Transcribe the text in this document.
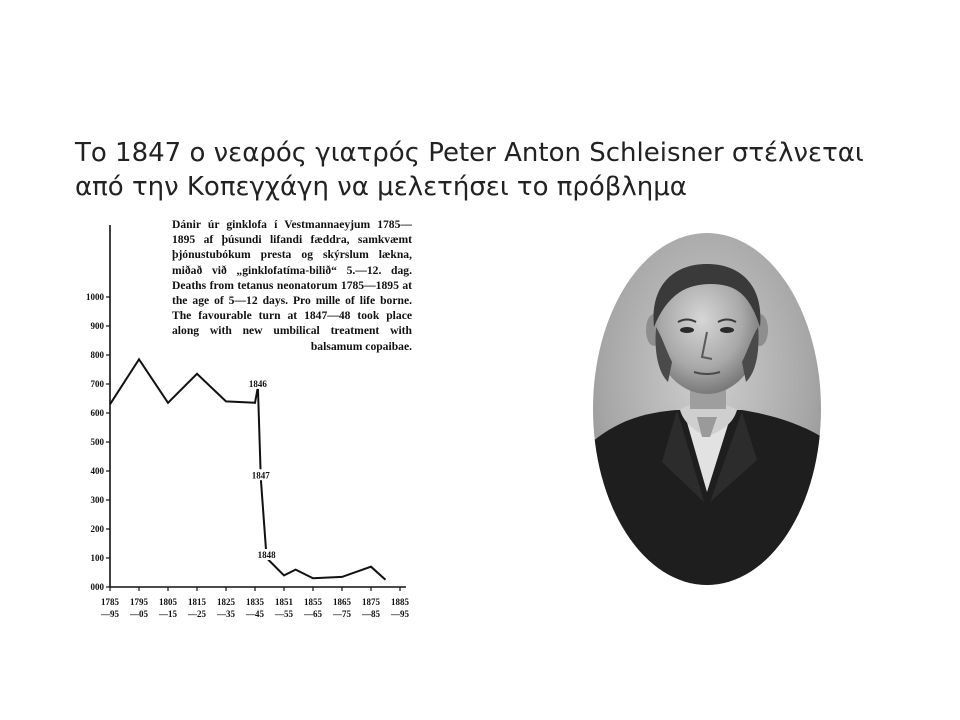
Το 1847 ο νεαρός γιατρός Peter Anton Schleisner στέλνεται
από την Κοπεγχάγη να μελετήσει το πρόβλημα
000
100
200
300
400
500
600
700
800
900
1000
1785
—95
1795
—05
1805
—15
1815
—25
1825
—35
1835
—45
1851
—55
1855
—65
1865
—75
1875
—85
1885
—95
1846
1847
1848
Dánir úr ginklofa í Vestmannaeyjum 1785—1895 af þúsundi lifandi fæddra, samkvæmt þjónustubókum presta og skýrslum lækna, miðað við „ginklofatíma-bilið“ 5.—12. dag. Deaths from tetanus neonatorum 1785—1895 at the age of 5—12 days. Pro mille of life borne. The favourable turn at 1847—48 took place along with new umbilical treatment with balsamum copaibae.
